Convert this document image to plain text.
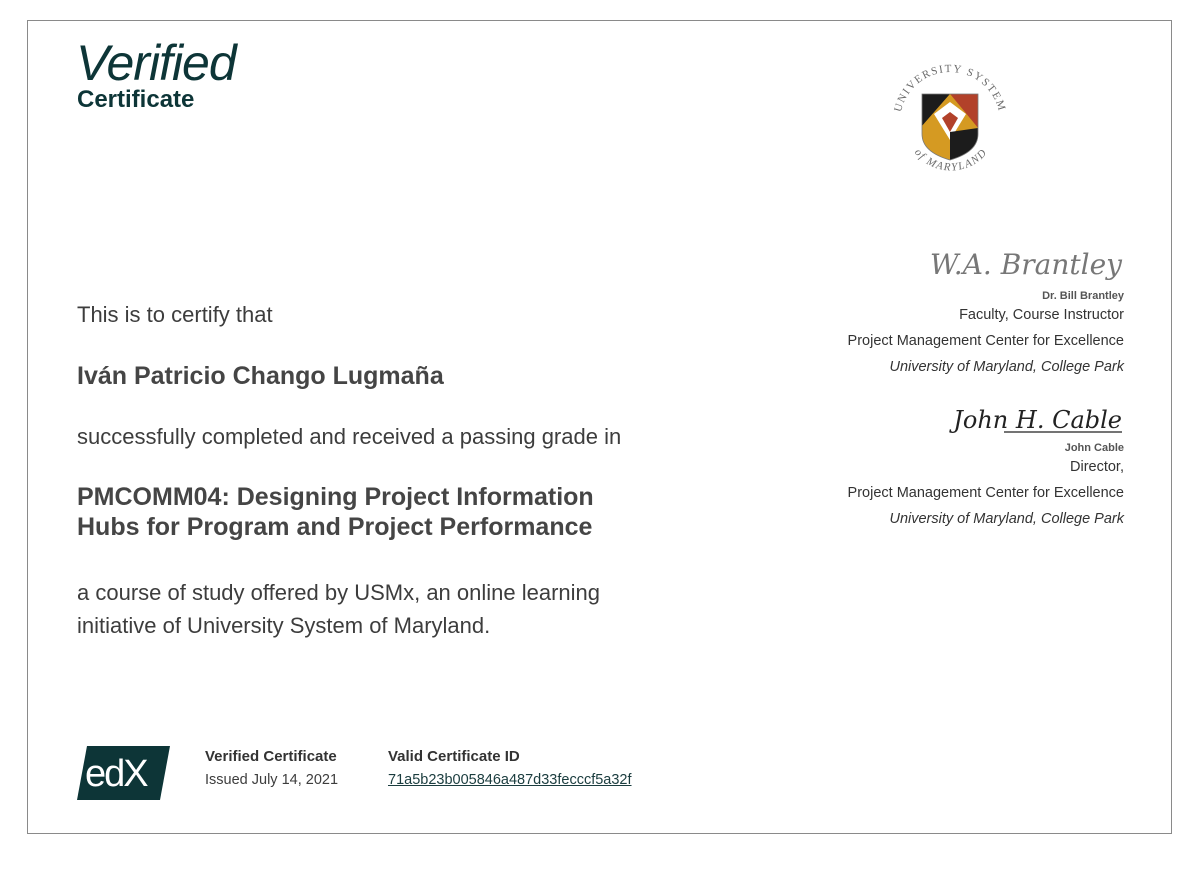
Verified
Certificate	UNIVERSITY SYSTEM
of MARYLAND
This is to certify that
Iván Patricio Chango Lugmaña
successfully completed and received a passing grade in
PMCOMM04: Designing Project Information Hubs for Program and Project Performance
a course of study offered by USMx, an online learning initiative of University System of Maryland.
W.A. Brantley
Dr. Bill Brantley
Faculty, Course Instructor
Project Management Center for Excellence
University of Maryland, College Park
John H. Cable
John Cable
Director,
Project Management Center for Excellence
University of Maryland, College Park
edX	Verified Certificate
Issued July 14, 2021
Valid Certificate ID
71a5b23b005846a487d33fecccf5a32f
